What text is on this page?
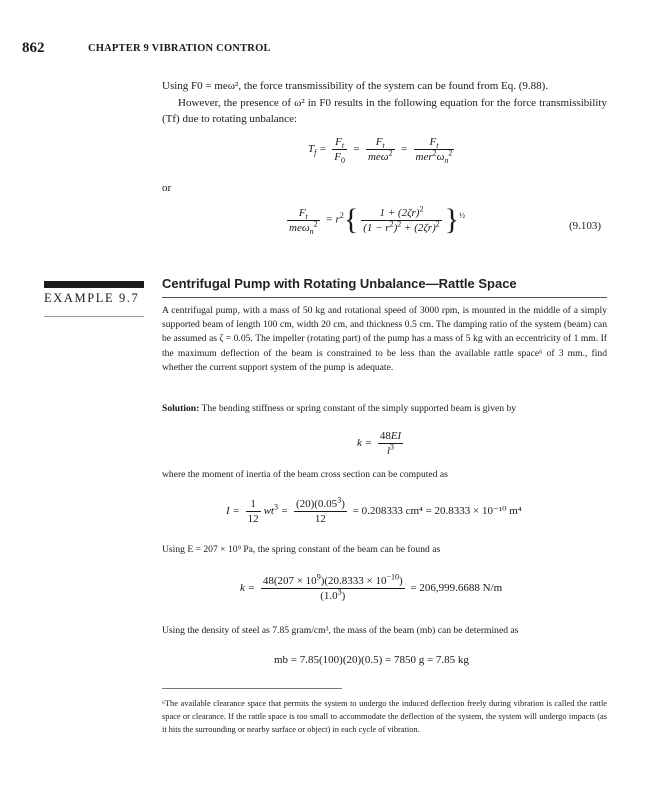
862	CHAPTER 9 VIBRATION CONTROL
Using F0 = meω², the force transmissibility of the system can be found from Eq. (9.88).
However, the presence of ω² in F0 results in the following equation for the force transmissibility (Tf) due to rotating unbalance:
$T_f = \frac{F_t}{F_0} = \frac{F_t}{me\omega^2} = \frac{F_t}{mer^2\omega_n^2}$
or
$\frac{F_t}{me\omega_n^2} = r^2\{ \frac{1 + (2\zeta r)^2}{(1 - r^2)^2 + (2\zeta r)^2} \}^{\frac{1}{2}}$
(9.103)
EXAMPLE 9.7
Centrifugal Pump with Rotating Unbalance—Rattle Space
A centrifugal pump, with a mass of 50 kg and rotational speed of 3000 rpm, is mounted in the middle of a simply supported beam of length 100 cm, width 20 cm, and thickness 0.5 cm. The damping ratio of the system (beam) can be assumed as ζ = 0.05. The impeller (rotating part) of the pump has a mass of 5 kg with an eccentricity of 1 mm. If the maximum deflection of the beam is constrained to be less than the available rattle space⁶ of 3 mm., find whether the current support system of the pump is adequate.
Solution: The bending stiffness or spring constant of the simply supported beam is given by
$k = \frac{48EI}{l^3}$
where the moment of inertia of the beam cross section can be computed as
$I = \frac{1}{12} wt^3 = \frac{(20)(0.05^3)}{12} = 0.208333$ cm⁴ = 20.8333 × 10⁻¹⁰ m⁴
Using E = 207 × 10⁹ Pa, the spring constant of the beam can be found as
$k = \frac{48(207 \times 10^9)(20.8333 \times 10^{-10})}{(1.0^3)} = 206,999.6688$ N/m
Using the density of steel as 7.85 gram/cm³, the mass of the beam (mb) can be determined as
mb = 7.85(100)(20)(0.5) = 7850 g = 7.85 kg
⁶The available clearance space that permits the system to undergo the induced deflection freely during vibration is called the rattle space or clearance. If the rattle space is too small to accommodate the deflection of the system, the system will undergo impacts (as it hits the surrounding or nearby surface or object) in each cycle of vibration.
